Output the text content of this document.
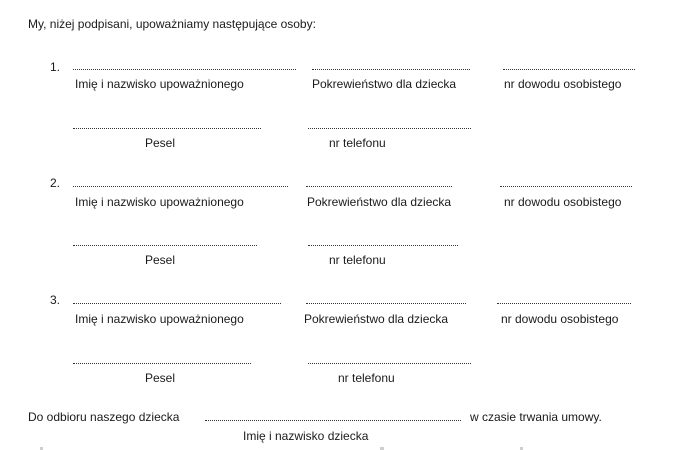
My, niżej podpisani, upoważniamy następujące osoby:
1.
Imię i nazwisko upoważnionego	Pokrewieństwo dla dziecka	nr dowodu osobistego
Pesel	nr telefonu
2.
Imię i nazwisko upoważnionego	Pokrewieństwo dla dziecka	nr dowodu osobistego
Pesel	nr telefonu
3.
Imię i nazwisko upoważnionego	Pokrewieństwo dla dziecka	nr dowodu osobistego
Pesel	nr telefonu
Do odbioru naszego dziecka	w czasie trwania umowy.
Imię i nazwisko dziecka
